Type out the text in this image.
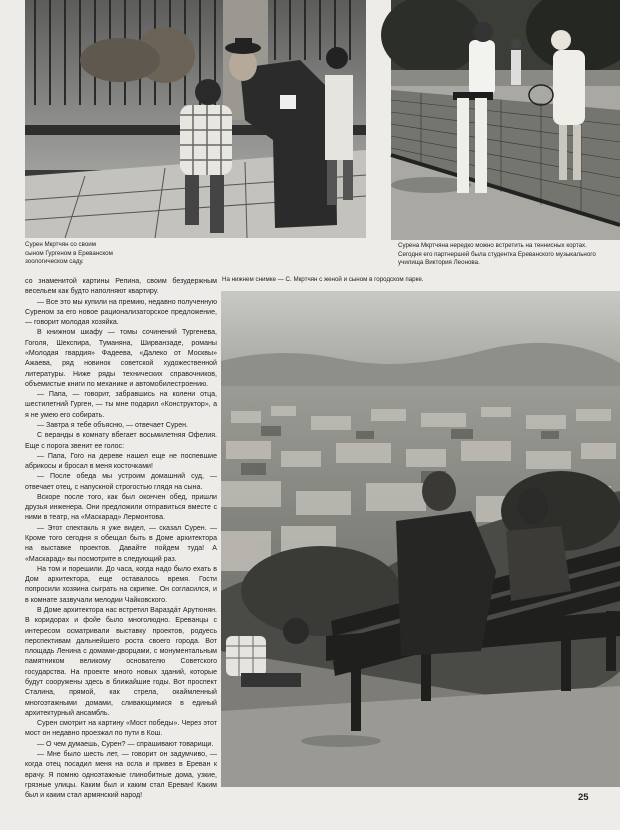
Сурен Мкртчян со своим сыном Гургеном в Ереванском зоологическом саду.
Сурена Мкртчяна нередко можно встретить на теннисных кортах. Сегодня его партнершей была студентка Ереванского музыкального училища Виктория Леонова.
На нижнем снимке — С. Мкртчян с женой и сыном в городском парке.

со знаменитой картины Репина, своим безудержным весельем как будто наполняют квартиру.

— Все это мы купили на премию, недавно полученную Суреном за его новое рационализаторское предложение, — говорит молодая хозяйка.

В книжном шкафу — томы сочинений Тургенева, Гоголя, Шекспира, Туманяна, Ширванзаде, романы «Молодая гвардия» Фадеева, «Далеко от Москвы» Ажаева, ряд новинок советской художественной литературы. Ниже ряды технических справочников, объемистые книги по механике и автомобилестроению.

— Папа, — говорит, забравшись на колени отца, шестилетний Гурген, — ты мне подарил «Конструктор», а я не умею его собирать.

— Завтра я тебе объясню, — отвечает Сурен.

С веранды в комнату вбегает восьмилетняя Офелия. Еще с порога звенит ее голос:

— Папа, Гого на дереве нашел еще не поспевшие абрикосы и бросал в меня косточками!

— После обеда мы устроим домашний суд, — отвечает отец, с напускной строгостью глядя на сына.

Вскоре после того, как был окончен обед, пришли друзья инженера. Они предложили отправиться вместе с ними в театр, на «Маскарад» Лермонтова.

— Этот спектакль я уже видел, — сказал Сурен. — Кроме того сегодня я обещал быть в Доме архитектора на выставке проектов. Давайте пойдем туда! А «Маскарад» вы посмотрите в следующий раз.

На том и порешили. До часа, когда надо было ехать в Дом архитектора, еще оставалось время. Гости попросили хозяина сыграть на скрипке. Он согласился, и в комнате зазвучали мелодии Чайковского.

В Доме архитектора нас встретил Варазда́т Арутюнян. В коридорах и фойе было многолюдно. Ереванцы с интересом осматривали выставку проектов, родуесь перспективам дальнейшего роста своего города. Вот площадь Ленина с домами-дворцами, с монументальным памятником великому основателю Советского государства. На проекте много новых зданий, которые будут сооружены здесь в ближайшие годы. Вот проспект Сталина, прямой, как стрела, окаймленный многоэтажными домами, сливающимися в единый архитектурный ансамбль.

Сурен смотрит на картину «Мост победы». Через этот мост он недавно проезжал по пути в Кош.

— О чем думаешь, Сурен? — спрашивают товарищи.

— Мне было шесть лет, — говорит он задумчиво, — когда отец посадил меня на осла и привез в Ереван к врачу. Я помню одноэтажные глинобитные дома, узкие, грязные улицы. Каким был и каким стал Ереван! Каким был и каким стал армянский народ!	25
